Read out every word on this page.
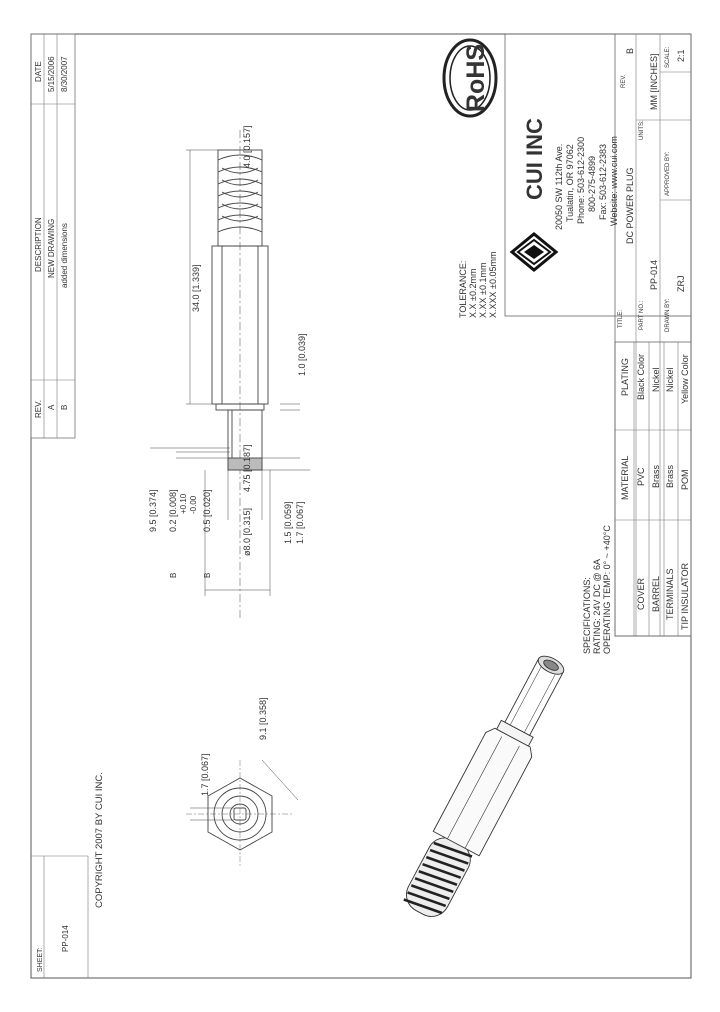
REV.
DESCRIPTION
DATE
A
NEW DRAWING
5/15/2006
B
added dimensions
8/30/2007
SHEET:
PP-014
COPYRIGHT 2007 BY CUI INC.
REV.
B
UNITS:
MM [INCHES] SCALE: 2:1
APPROVED BY:
TITLE:
DC POWER PLUG
PART NO.:
PP-014
DRAWN BY:
ZRJ
RoHS
CUI INC 20050 SW 112th Ave. Tualatin, OR 97062 Phone: 503-612-2300 800-275-4899 Fax: 503-612-2383 Website: www.cui.com
TOLERANCE: X.X ±0.2mm X.XX ±0.1mm X.XXX ±0.05mm
PLATING
MATERIAL
COVER
PVC
Black Color
BARREL
Brass
Nickel
TERMINALS
Brass
Nickel
TIP INSULATOR
POM
Yellow Color
SPECIFICATIONS: RATING: 24V DC @ 6A OPERATING TEMP: 0° ~ +40°C
34.0 [1.339]
4.0 [0.157]
1.0 [0.039]
1.5 [0.059] 1.7 [0.067]
ø8.0 [0.315]
4.75 [0.187]
0.5 [0.020]
B
0.2 [0.008]
B
+0.10 -0.00
9.5 [0.374]
9.1 [0.358]
1.7 [0.067]
